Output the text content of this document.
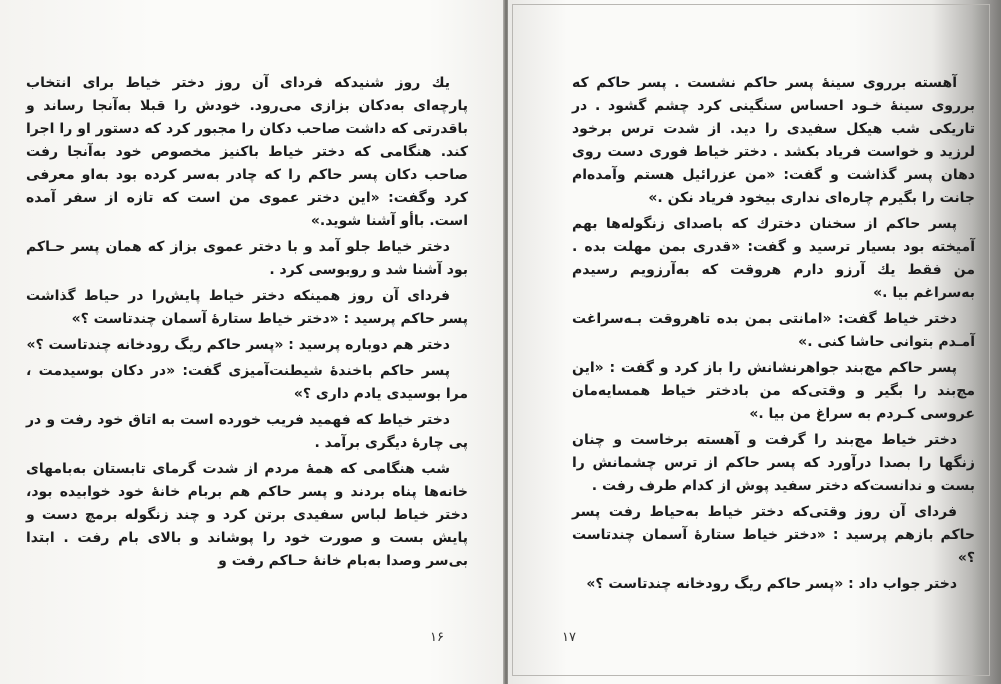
يك روز شنيدكه فرداى آن روز دختر خياط براى انتخاب پارچه‌اى به‌دكان بزازى مى‌رود. خودش را قبلا به‌آنجا رساند و باقدرتى كه داشت صاحب دكان را مجبور كرد كه دستور او را اجرا كند. هنگامى كه دختر خياط باكنيز مخصوص خود به‌آنجا رفت صاحب دكان پسر حاكم را كه چادر به‌سر كرده بود به‌او معرفى كرد وگفت: «اين دختر عموى من است كه تازه از سفر آمده است. باأو آشنا شويد.»

دختر خياط جلو آمد و با دختر عموى بزاز كه همان پسر حـاكم بود آشنا شد و روبوسى كرد .

فرداى آن روز همينكه دختر خياط پايش‌را در حياط گذاشت پسر حاكم پرسيد : «دختر خياط ستارهٔ آسمان چندتاست ؟»

دختر هم دوباره پرسيد : «پسر حاكم ريگ رودخانه چندتاست ؟»

پسر حاكم باخندهٔ شيطنت‌آميزى گفت: «در دكان بوسيدمت ، مرا بوسيدى يادم دارى ؟»

دختر خياط كه فهميد فريب خورده است به اتاق خود رفت و در پى چارهٔ ديگرى برآمد .

شب هنگامى كه همهٔ مردم از شدت گرماى تابستان به‌بامهاى خانه‌ها پناه بردند و پسر حاكم هم بربام خانهٔ خود خوابيده بود، دختر خياط لباس سفيدى برتن كرد و چند زنگوله برمچ دست و پايش بست و صورت خود را پوشاند و بالاى بام رفت . ابتدا بى‌سر وصدا به‌بام خانهٔ حـاكم رفت و

۱۶

آهسته برروى سينهٔ پسر حاكم نشست . پسر حاكم كه برروى سينهٔ خـود احساس سنگينى كرد چشم گشود . در تاريكى شب هيكل سفيدى را ديد. از شدت ترس برخود لرزيد و خواست فرياد بكشد . دختر خياط فورى دست روى دهان پسر گذاشت و گفت: «من عزرائيل هستم وآمده‌ام جانت را بگيرم چاره‌اى ندارى بيخود فرياد نكن .»

پسر حاكم از سخنان دخترك كه باصداى زنگوله‌ها بهم آميخته بود بسيار ترسيد و گفت: «قدرى بمن مهلت بده . من فقط يك آرزو دارم هروقت كه به‌آرزويم رسيدم به‌سراغم بيا .»

دختر خياط گفت: «امانتى بمن بده تاهروقت بـه‌سراغت آمـدم بتوانى حاشا كنى .»

پسر حاكم مچ‌بند جواهرنشانش را باز كرد و گفت : «اين مچ‌بند را بگير و وقتى‌كه من بادختر خياط همسايه‌مان عروسى كـردم به سراغ من بيا .»

دختر خياط مچ‌بند را گرفت و آهسته برخاست و چنان زنگها را بصدا درآورد كه پسر حاكم از ترس چشمانش را بست و ندانست‌كه دختر سفيد پوش از كدام طرف رفت .

فرداى آن روز وقتى‌كه دختر خياط به‌حياط رفت پسر حاكم بازهم پرسيد : «دختر خياط ستارهٔ آسمان چندتاست ؟»

دختر جواب داد : «پسر حاكم ريگ رودخانه چندتاست ؟»

۱۷
